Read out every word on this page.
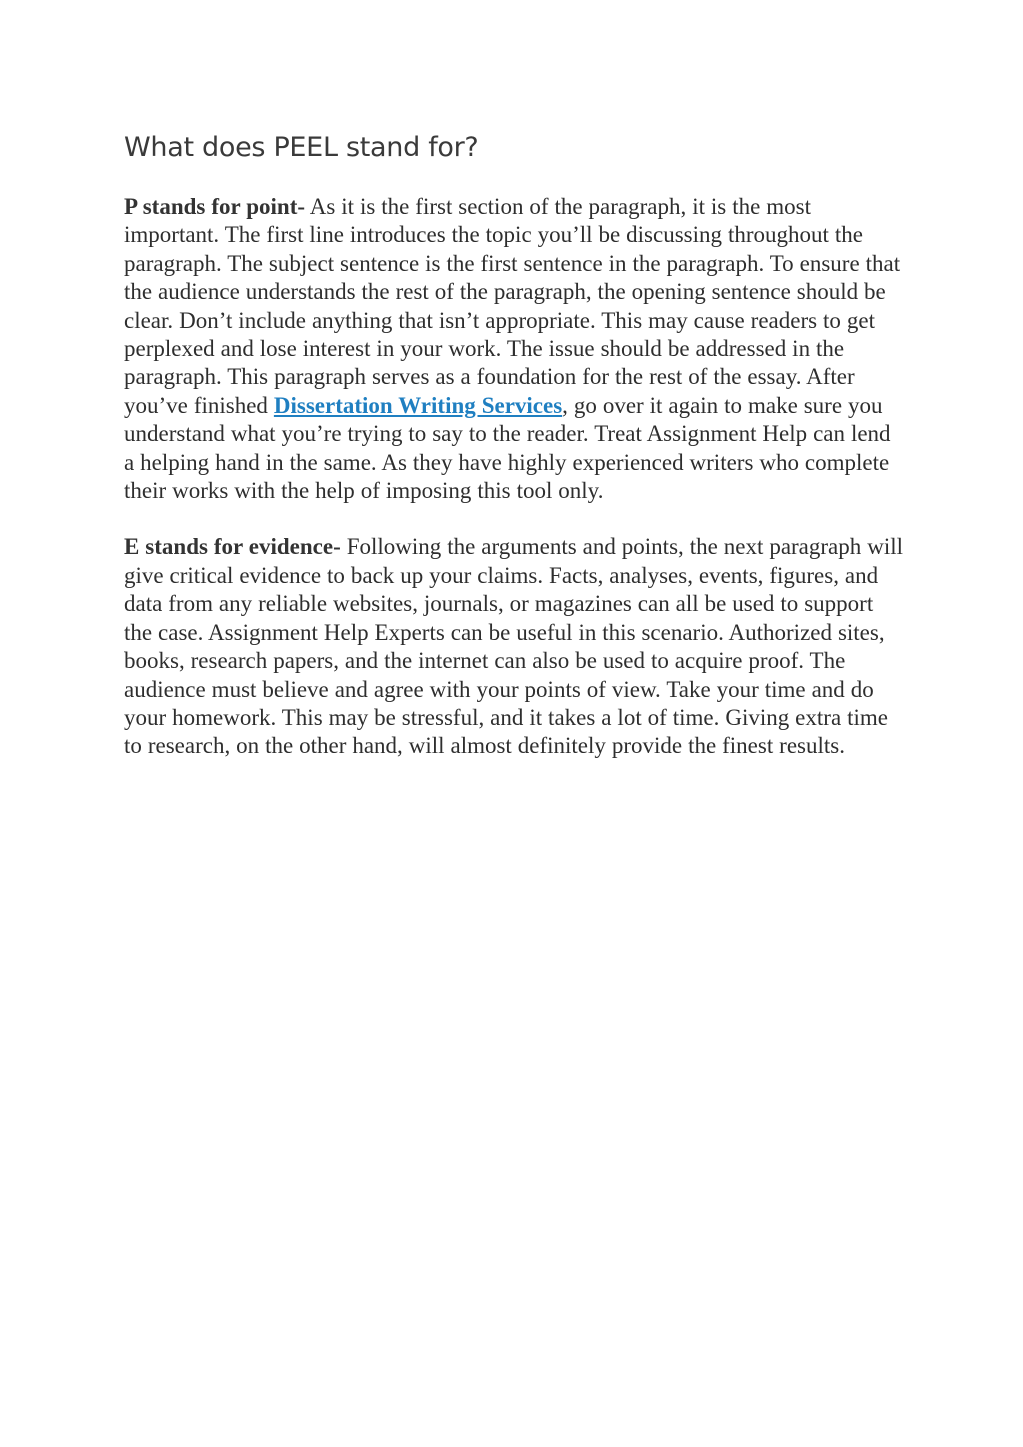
What does PEEL stand for?

P stands for point- As it is the first section of the paragraph, it is the most important. The first line introduces the topic you’ll be discussing throughout the paragraph. The subject sentence is the first sentence in the paragraph. To ensure that the audience understands the rest of the paragraph, the opening sentence should be clear. Don’t include anything that isn’t appropriate. This may cause readers to get perplexed and lose interest in your work. The issue should be addressed in the paragraph. This paragraph serves as a foundation for the rest of the essay. After you’ve finished Dissertation Writing Services, go over it again to make sure you understand what you’re trying to say to the reader. Treat Assignment Help can lend a helping hand in the same. As they have highly experienced writers who complete their works with the help of imposing this tool only.

E stands for evidence- Following the arguments and points, the next paragraph will give critical evidence to back up your claims. Facts, analyses, events, figures, and data from any reliable websites, journals, or magazines can all be used to support the case. Assignment Help Experts can be useful in this scenario. Authorized sites, books, research papers, and the internet can also be used to acquire proof. The audience must believe and agree with your points of view. Take your time and do your homework. This may be stressful, and it takes a lot of time. Giving extra time to research, on the other hand, will almost definitely provide the finest results.
